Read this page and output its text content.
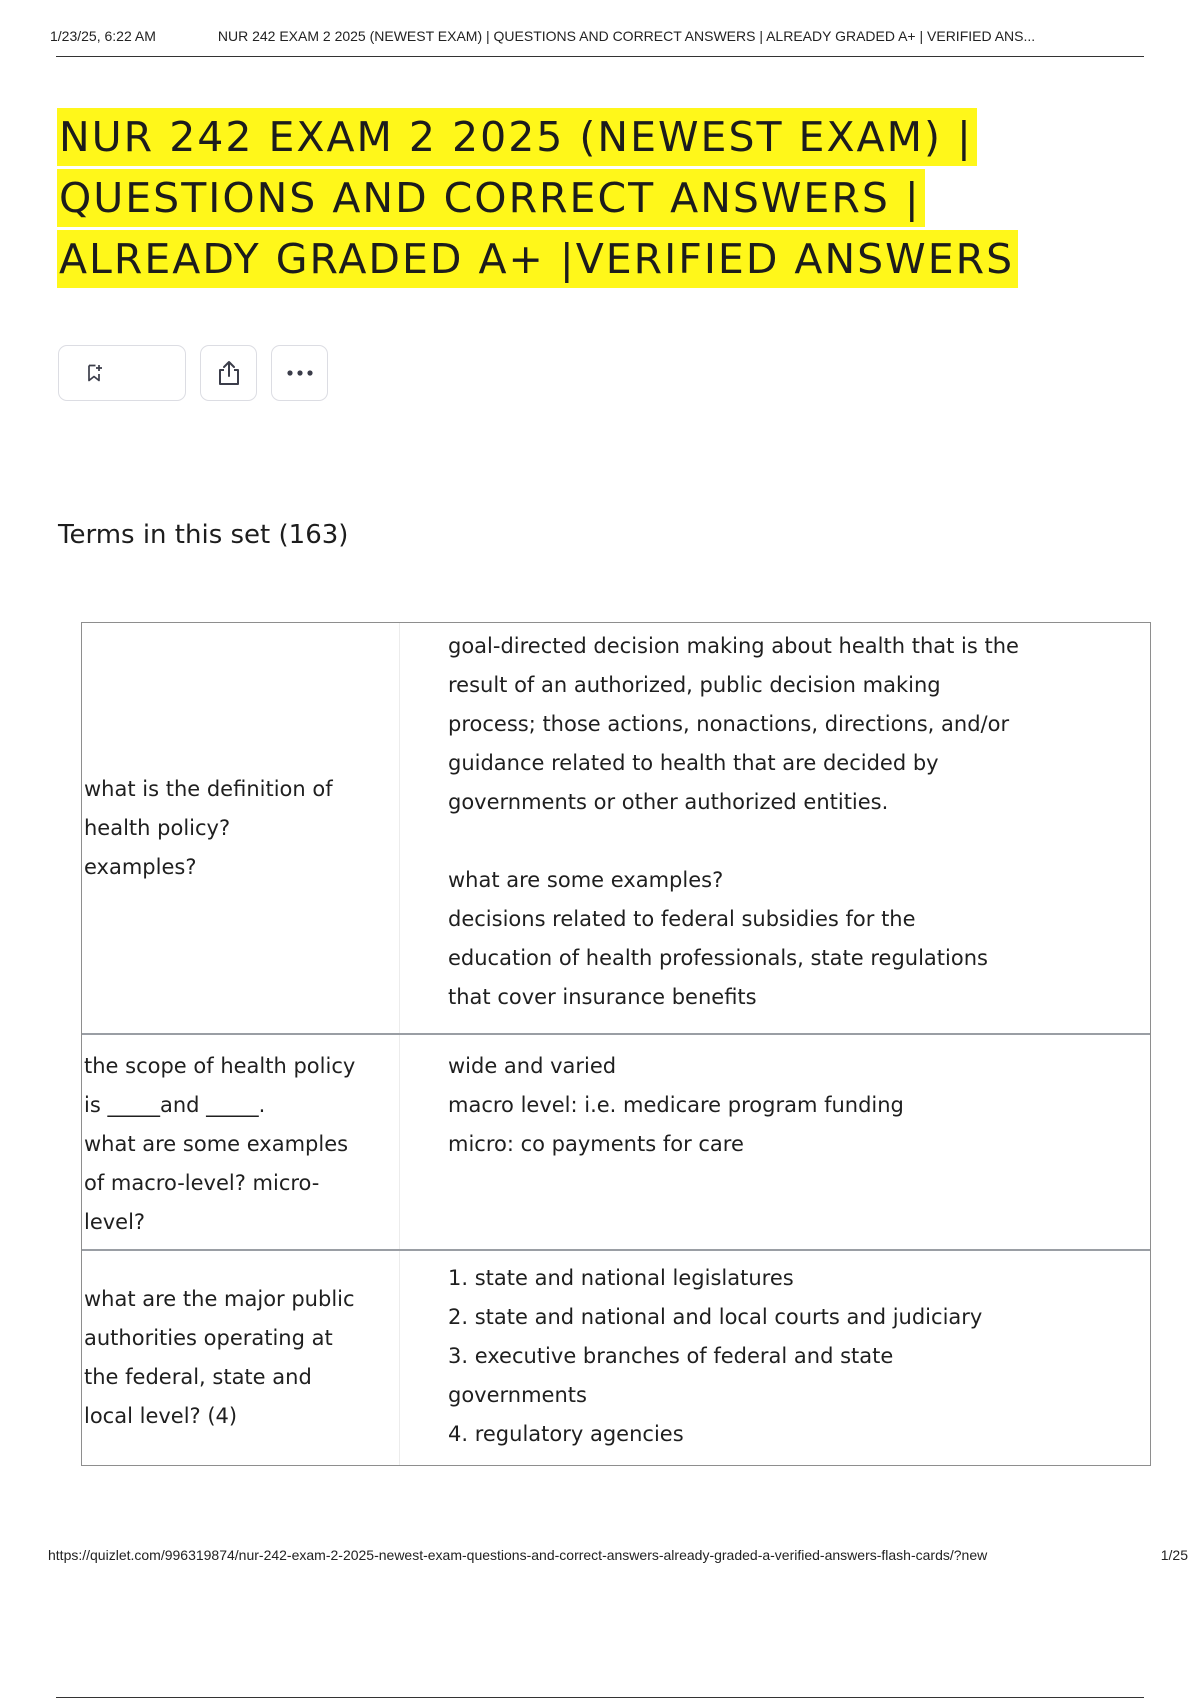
1/23/25, 6:22 AM	NUR 242 EXAM 2 2025 (NEWEST EXAM) | QUESTIONS AND CORRECT ANSWERS | ALREADY GRADED A+ | VERIFIED ANS...
NUR 242 EXAM 2 2025 (NEWEST EXAM) |
QUESTIONS AND CORRECT ANSWERS |
ALREADY GRADED A+ |VERIFIED ANSWERS
Terms in this set (163)
what is the definition of
health policy?
examples?

goal-directed decision making about health that is the

result of an authorized, public decision making

process; those actions, nonactions, directions, and/or

guidance related to health that are decided by

governments or other authorized entities.

what are some examples?

decisions related to federal subsidies for the

education of health professionals, state regulations

that cover insurance benefits

the scope of health policy
is _____and _____.
what are some examples
of macro-level? micro-
level?

wide and varied

macro level: i.e. medicare program funding

micro: co payments for care

what are the major public
authorities operating at
the federal, state and
local level? (4)

1. state and national legislatures

2. state and national and local courts and judiciary

3. executive branches of federal and state

governments

4. regulatory agencies

https://quizlet.com/996319874/nur-242-exam-2-2025-newest-exam-questions-and-correct-answers-already-graded-a-verified-answers-flash-cards/?new	1/25
